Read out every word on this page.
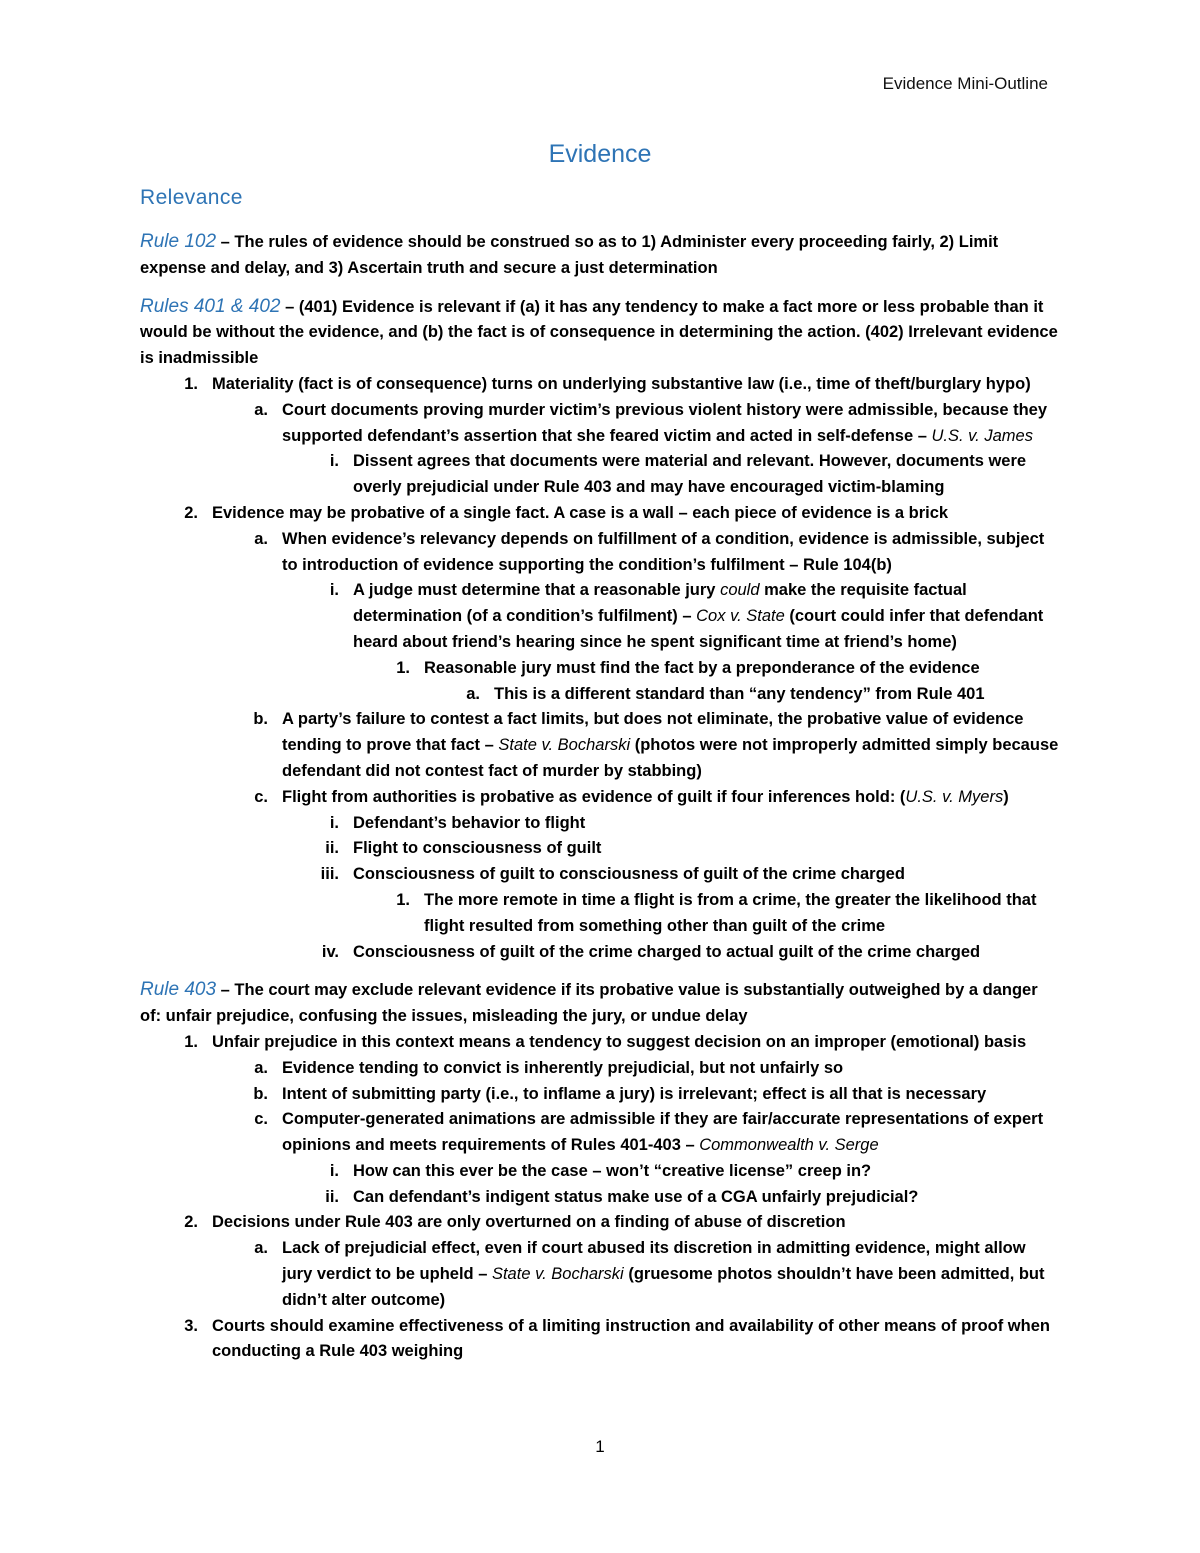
Evidence Mini-Outline
Evidence
Relevance

Rule 102 – The rules of evidence should be construed so as to 1) Administer every proceeding fairly, 2) Limit expense and delay, and 3) Ascertain truth and secure a just determination

Rules 401 & 402 – (401) Evidence is relevant if (a) it has any tendency to make a fact more or less probable than it would be without the evidence, and (b) the fact is of consequence in determining the action. (402) Irrelevant evidence is inadmissible
1. Materiality (fact is of consequence) turns on underlying substantive law (i.e., time of theft/burglary hypo)
a. Court documents proving murder victim’s previous violent history were admissible, because they supported defendant’s assertion that she feared victim and acted in self-defense – U.S. v. James
i. Dissent agrees that documents were material and relevant. However, documents were overly prejudicial under Rule 403 and may have encouraged victim-blaming
2. Evidence may be probative of a single fact. A case is a wall – each piece of evidence is a brick
a. When evidence’s relevancy depends on fulfillment of a condition, evidence is admissible, subject to introduction of evidence supporting the condition’s fulfilment – Rule 104(b)
i. A judge must determine that a reasonable jury could make the requisite factual determination (of a condition’s fulfilment) – Cox v. State (court could infer that defendant heard about friend’s hearing since he spent significant time at friend’s home)
1. Reasonable jury must find the fact by a preponderance of the evidence
a. This is a different standard than “any tendency” from Rule 401
b. A party’s failure to contest a fact limits, but does not eliminate, the probative value of evidence tending to prove that fact – State v. Bocharski (photos were not improperly admitted simply because defendant did not contest fact of murder by stabbing)
c. Flight from authorities is probative as evidence of guilt if four inferences hold: (U.S. v. Myers)
i. Defendant’s behavior to flight
ii. Flight to consciousness of guilt
iii. Consciousness of guilt to consciousness of guilt of the crime charged
1. The more remote in time a flight is from a crime, the greater the likelihood that flight resulted from something other than guilt of the crime
iv. Consciousness of guilt of the crime charged to actual guilt of the crime charged
Rule 403 – The court may exclude relevant evidence if its probative value is substantially outweighed by a danger of: unfair prejudice, confusing the issues, misleading the jury, or undue delay
1. Unfair prejudice in this context means a tendency to suggest decision on an improper (emotional) basis
a. Evidence tending to convict is inherently prejudicial, but not unfairly so
b. Intent of submitting party (i.e., to inflame a jury) is irrelevant; effect is all that is necessary
c. Computer-generated animations are admissible if they are fair/accurate representations of expert opinions and meets requirements of Rules 401-403 – Commonwealth v. Serge
i. How can this ever be the case – won’t “creative license” creep in?
ii. Can defendant’s indigent status make use of a CGA unfairly prejudicial?
2. Decisions under Rule 403 are only overturned on a finding of abuse of discretion
a. Lack of prejudicial effect, even if court abused its discretion in admitting evidence, might allow jury verdict to be upheld – State v. Bocharski (gruesome photos shouldn’t have been admitted, but didn’t alter outcome)
3. Courts should examine effectiveness of a limiting instruction and availability of other means of proof when conducting a Rule 403 weighing
1
